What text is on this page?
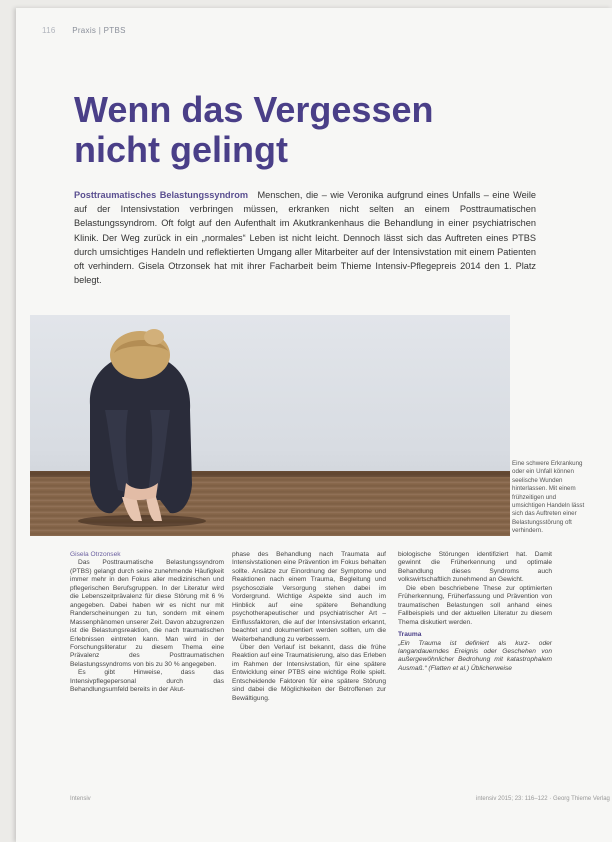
116 Praxis | PTBS
Wenn das Vergessen
nicht gelingt

Posttraumatisches Belastungssyndrom Menschen, die – wie Veronika aufgrund eines Unfalls – eine Weile auf der Intensivstation verbringen müssen, erkranken nicht selten an einem Posttraumatischen Belastungssyndrom. Oft folgt auf den Aufenthalt im Akutkrankenhaus die Behandlung in einer psychiatrischen Klinik. Der Weg zurück in ein „normales“ Leben ist nicht leicht. Dennoch lässt sich das Auftreten eines PTBS durch umsichtiges Handeln und reflektierten Umgang aller Mitarbeiter auf der Intensivstation mit einem Patienten oft verhindern. Gisela Otrzonsek hat mit ihrer Facharbeit beim Thieme Intensiv-Pflegepreis 2014 den 1. Platz belegt.

Eine schwere Erkrankung oder ein Unfall können seelische Wunden hinterlassen. Mit einem frühzeitigen und umsichtigen Handeln lässt sich das Auftreten einer Belastungsstörung oft verhindern.

Gisela Otrzonsek

Das Posttraumatische Belastungssyndrom (PTBS) gelangt durch seine zunehmende Häufigkeit immer mehr in den Fokus aller medizinischen und pflegerischen Berufsgruppen. In der Literatur wird die Lebenszeitprävalenz für diese Störung mit 6 % angegeben. Dabei haben wir es nicht nur mit Randerscheinungen zu tun, sondern mit einem Massenphänomen unserer Zeit. Davon abzugrenzen ist die Belastungsreaktion, die nach traumatischen Erlebnissen eintreten kann. Man wird in der Forschungsliteratur zu diesem Thema eine Prävalenz des Posttraumatischen Belastungssyndroms von bis zu 30 % angegeben.

Es gibt Hinweise, dass das Intensivpflegepersonal durch das Behandlungsumfeld bereits in der Akut-

phase des Behandlung nach Traumata auf Intensivstationen eine Prävention im Fokus behalten sollte. Ansätze zur Einordnung der Symptome und Reaktionen nach einem Trauma, Begleitung und psychosoziale Versorgung stehen dabei im Vordergrund. Wichtige Aspekte sind auch im Hinblick auf eine spätere Behandlung psychotherapeutischer und psychiatrischer Art – Einflussfaktoren, die auf der Intensivstation erkannt, beachtet und dokumentiert werden sollten, um die Weiterbehandlung zu verbessern.

Über den Verlauf ist bekannt, dass die frühe Reaktion auf eine Traumatisierung, also das Erleben im Rahmen der Intensivstation, für eine spätere Entwicklung einer PTBS eine wichtige Rolle spielt. Entscheidende Faktoren für eine spätere Störung sind dabei die Möglichkeiten der Betroffenen zur Bewältigung.

biologische Störungen identifiziert hat. Damit gewinnt die Früherkennung und optimale Behandlung dieses Syndroms auch volkswirtschaftlich zunehmend an Gewicht.

Die eben beschriebene These zur optimierten Früherkennung, Früherfassung und Prävention von traumatischen Belastungen soll anhand eines Fallbeispiels und der aktuellen Literatur zu diesem Thema diskutiert werden.

Trauma

„Ein Trauma ist definiert als kurz- oder langandauerndes Ereignis oder Geschehen von außergewöhnlicher Bedrohung mit katastrophalem Ausmaß.“ (Flatten et al.) Üblicherweise

Intensiv	intensiv 2015; 23: 116–122 · Georg Thieme Verlag
